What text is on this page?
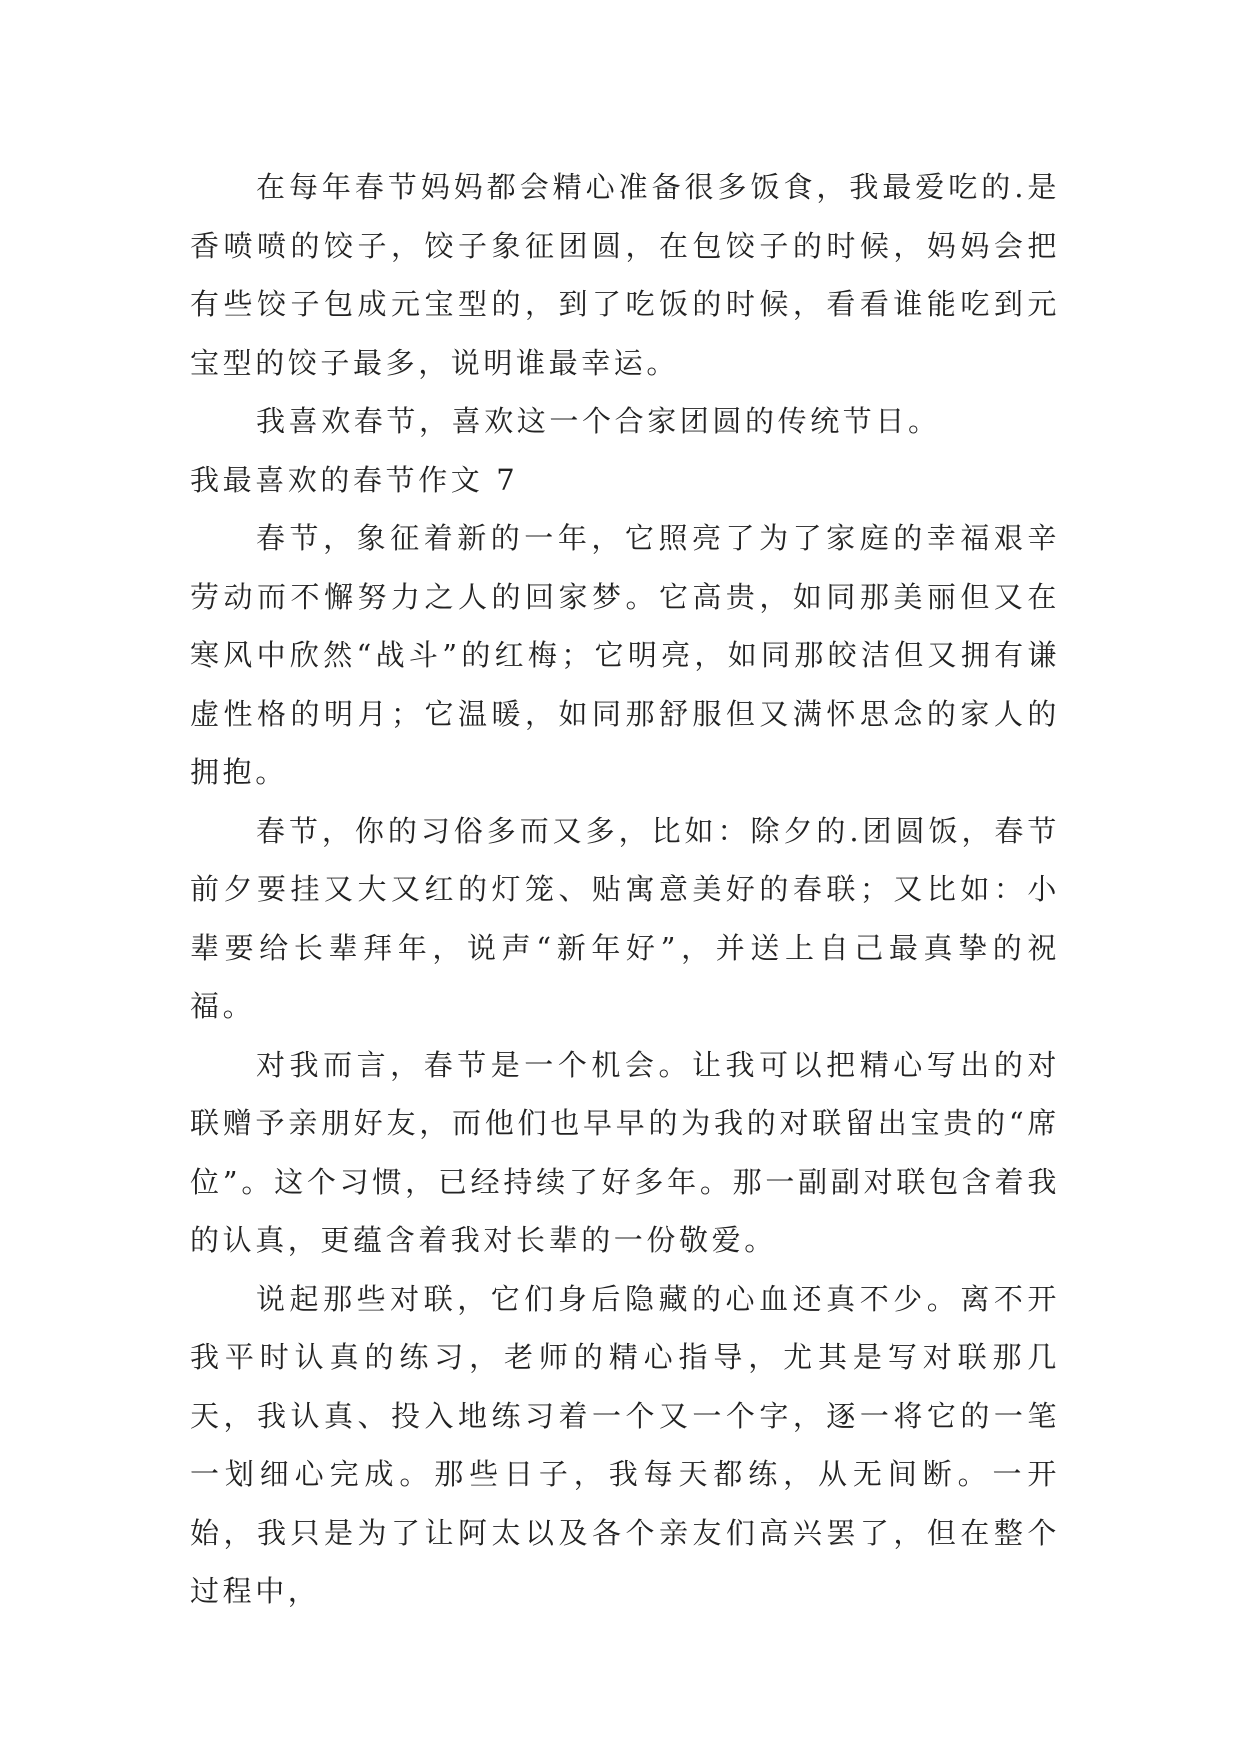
在每年春节妈妈都会精心准备很多饭食，我最爱吃的.是香喷喷的饺子，饺子象征团圆，在包饺子的时候，妈妈会把有些饺子包成元宝型的，到了吃饭的时候，看看谁能吃到元宝型的饺子最多，说明谁最幸运。

我喜欢春节，喜欢这一个合家团圆的传统节日。

我最喜欢的春节作文 7

春节，象征着新的一年，它照亮了为了家庭的幸福艰辛劳动而不懈努力之人的回家梦。它高贵，如同那美丽但又在寒风中欣然“战斗”的红梅；它明亮，如同那皎洁但又拥有谦虚性格的明月；它温暖，如同那舒服但又满怀思念的家人的拥抱。

春节，你的习俗多而又多，比如：除夕的.团圆饭，春节前夕要挂又大又红的灯笼、贴寓意美好的春联；又比如：小辈要给长辈拜年，说声“新年好”，并送上自己最真挚的祝福。

对我而言，春节是一个机会。让我可以把精心写出的对联赠予亲朋好友，而他们也早早的为我的对联留出宝贵的“席位”。这个习惯，已经持续了好多年。那一副副对联包含着我的认真，更蕴含着我对长辈的一份敬爱。

说起那些对联，它们身后隐藏的心血还真不少。离不开我平时认真的练习，老师的精心指导，尤其是写对联那几天，我认真、投入地练习着一个又一个字，逐一将它的一笔一划细心完成。那些日子，我每天都练，从无间断。一开始，我只是为了让阿太以及各个亲友们高兴罢了，但在整个过程中，
